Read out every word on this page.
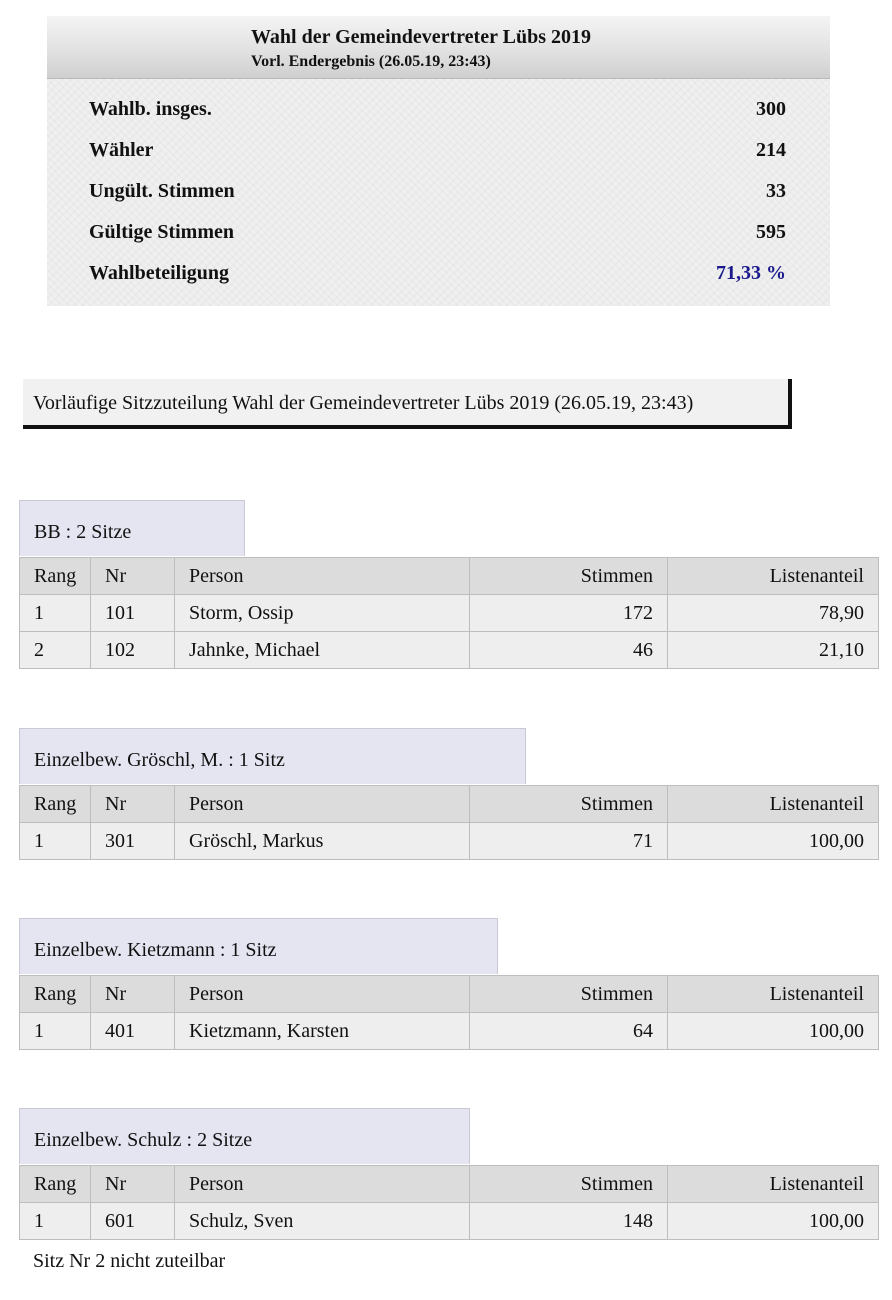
Wahl der Gemeindevertreter Lübs 2019
Vorl. Endergebnis (26.05.19, 23:43)
Wahlb. insges.	300
Wähler	214
Ungült. Stimmen	33
Gültige Stimmen	595
Wahlbeteiligung	71,33 %
Vorläufige Sitzzuteilung Wahl der Gemeindevertreter Lübs 2019 (26.05.19, 23:43)
BB : 2 Sitze
Rang	Nr	Person	Stimmen	Listenanteil
1	101	Storm, Ossip	172	78,90
2	102	Jahnke, Michael	46	21,10
Einzelbew. Gröschl, M. : 1 Sitz
Rang	Nr	Person	Stimmen	Listenanteil
1	301	Gröschl, Markus	71	100,00
Einzelbew. Kietzmann : 1 Sitz
Rang	Nr	Person	Stimmen	Listenanteil
1	401	Kietzmann, Karsten	64	100,00
Einzelbew. Schulz : 2 Sitze
Rang	Nr	Person	Stimmen	Listenanteil
1	601	Schulz, Sven	148	100,00
Sitz Nr 2 nicht zuteilbar
